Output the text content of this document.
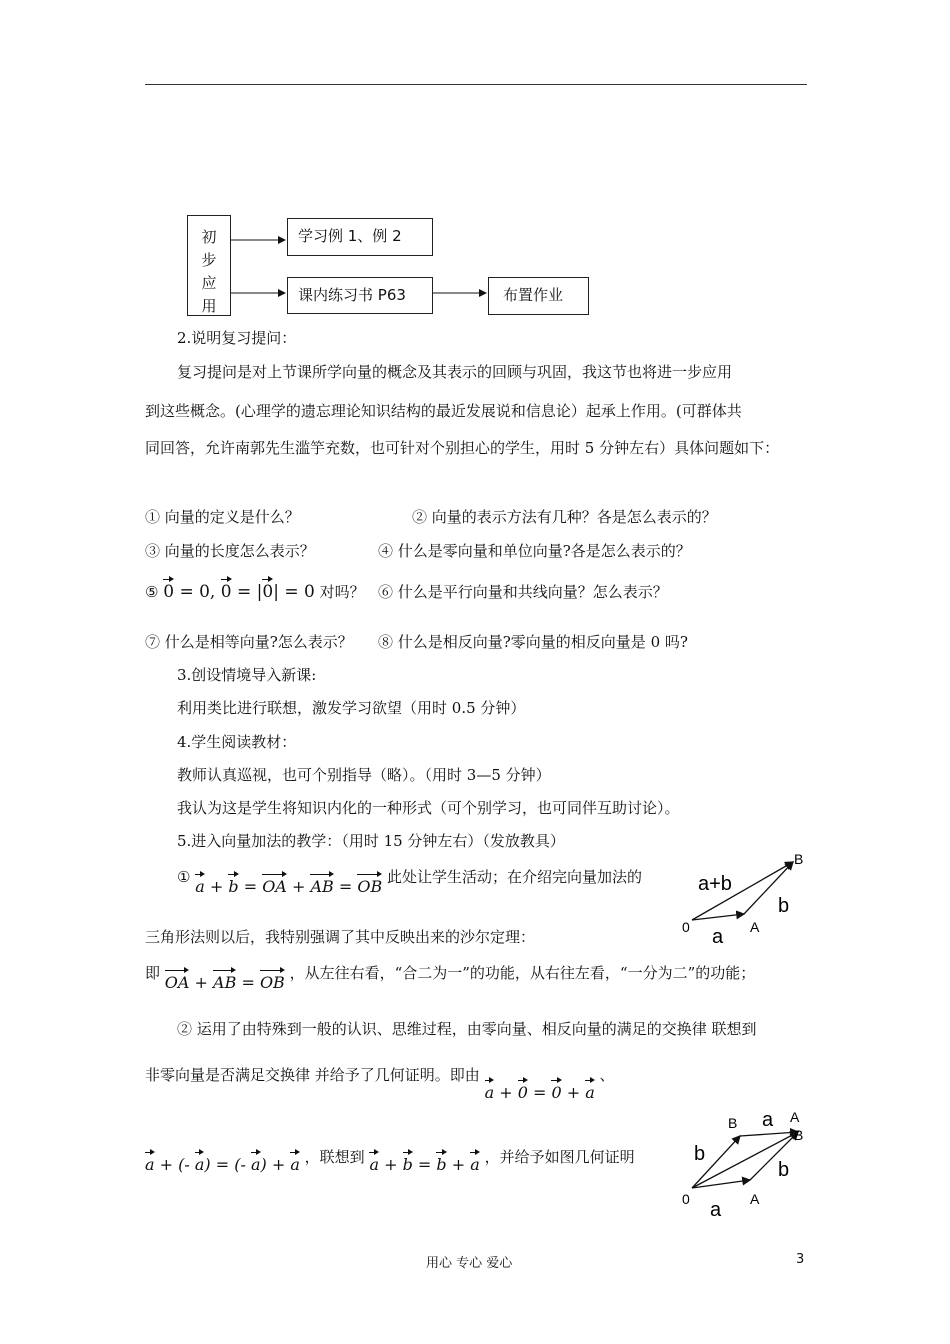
初
步
应
用
学习例 1、例 2
课内练习书 P63	布置作业
2.说明复习提问：
复习提问是对上节课所学向量的概念及其表示的回顾与巩固，我这节也将进一步应用
到这些概念。(心理学的遗忘理论知识结构的最近发展说和信息论）起承上作用。(可群体共
同回答，允许南郭先生滥竽充数，也可针对个别担心的学生，用时 5 分钟左右）具体问题如下：
① 向量的定义是什么？	② 向量的表示方法有几种？各是怎么表示的？
③ 向量的长度怎么表示？	④ 什么是零向量和单位向量?各是怎么表示的？
⑤ 0 = 0, 0 = |0| = 0 对吗？ ⑥ 什么是平行向量和共线向量？怎么表示？
⑦ 什么是相等向量?怎么表示？ ⑧ 什么是相反向量?零向量的相反向量是 0 吗?
3.创设情境导入新课:
利用类比进行联想，激发学习欲望（用时 0.5 分钟）
4.学生阅读教材：
教师认真巡视，也可个别指导（略）。（用时 3—5 分钟）
我认为这是学生将知识内化的一种形式（可个别学习，也可同伴互助讨论）。
5.进入向量加法的教学：（用时 15 分钟左右）（发放教具）
① a + b = OA + AB = OB 此处让学生活动；在介绍完向量加法的
0	A
B
a+b
b
a
三角形法则以后，我特别强调了其中反映出来的沙尔定理：
即 OA + AB = OB ，从左往右看，“合二为一”的功能，从右往左看，“一分为二”的功能；
② 运用了由特殊到一般的认识、思维过程，由零向量、相反向量的满足的交换律 联想到
非零向量是否满足交换律 并给予了几何证明。即由 a + 0 = 0 + a 、
a + (- a) = (- a) + a ，联想到 a + b = b + a ，并给予如图几何证明
0	A
B	A
B
a
b
b
a
用心 专心 爱心	3
